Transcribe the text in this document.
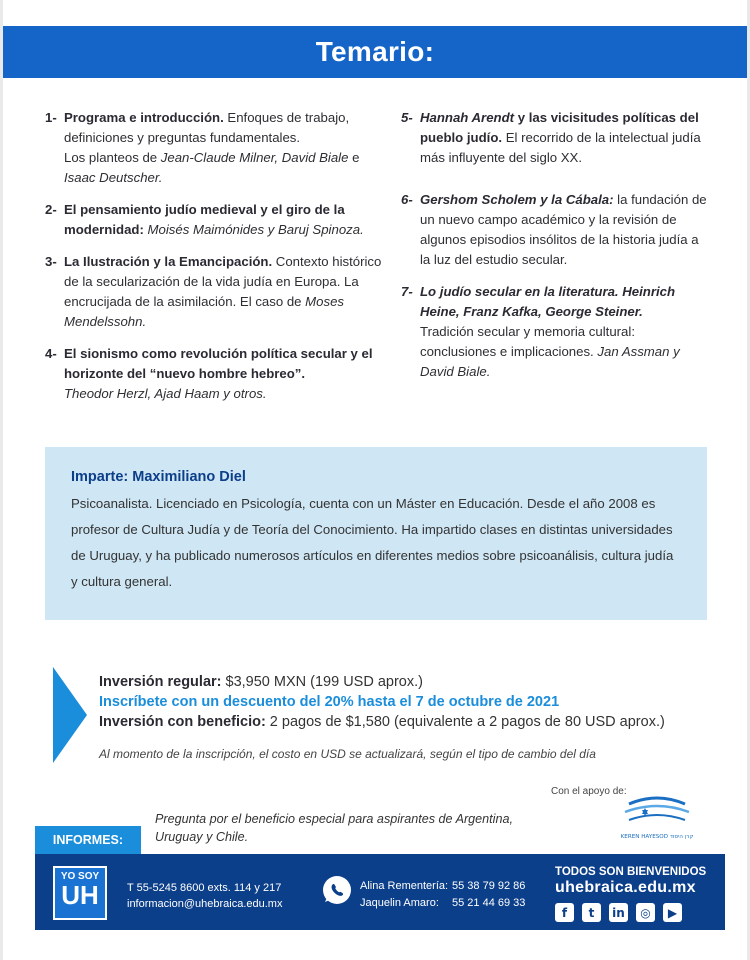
Temario:
1- Programa e introducción. Enfoques de trabajo, definiciones y preguntas fundamentales.
Los planteos de Jean-Claude Milner, David Biale e Isaac Deutscher.
2- El pensamiento judío medieval y el giro de la modernidad: Moisés Maimónides y Baruj Spinoza.
3- La Ilustración y la Emancipación. Contexto histórico de la secularización de la vida judía en Europa. La encrucijada de la asimilación. El caso de Moses Mendelssohn.
4- El sionismo como revolución política secular y el horizonte del “nuevo hombre hebreo”.
Theodor Herzl, Ajad Haam y otros.
5- Hannah Arendt y las vicisitudes políticas del pueblo judío. El recorrido de la intelectual judía más influyente del siglo XX.
6- Gershom Scholem y la Cábala: la fundación de un nuevo campo académico y la revisión de algunos episodios insólitos de la historia judía a la luz del estudio secular.
7- Lo judío secular en la literatura. Heinrich Heine, Franz Kafka, George Steiner.
Tradición secular y memoria cultural: conclusiones e implicaciones. Jan Assman y David Biale.
Imparte: Maximiliano Diel
Psicoanalista. Licenciado en Psicología, cuenta con un Máster en Educación. Desde el año 2008 es profesor de Cultura Judía y de Teoría del Conocimiento. Ha impartido clases en distintas universidades de Uruguay, y ha publicado numerosos artículos en diferentes medios sobre psicoanálisis, cultura judía y cultura general.
Inversión regular: $3,950 MXN (199 USD aprox.)
Inscríbete con un descuento del 20% hasta el 7 de octubre de 2021
Inversión con beneficio: 2 pagos de $1,580 (equivalente a 2 pagos de 80 USD aprox.)
Al momento de la inscripción, el costo en USD se actualizará, según el tipo de cambio del día
Con el apoyo de:
KEREN HAYESOD קרן היסוד
Pregunta por el beneficio especial para aspirantes de Argentina, Uruguay y Chile.
INFORMES:
YO SOY
UH	T 55-5245 8600 exts. 114 y 217
informacion@uhebraica.edu.mx
Alina Rementería: 55 38 79 92 86
Jaquelin Amaro:	55 21 44 69 33
TODOS SON BIENVENIDOS
uhebraica.edu.mx
f	t	in	◎	▶
